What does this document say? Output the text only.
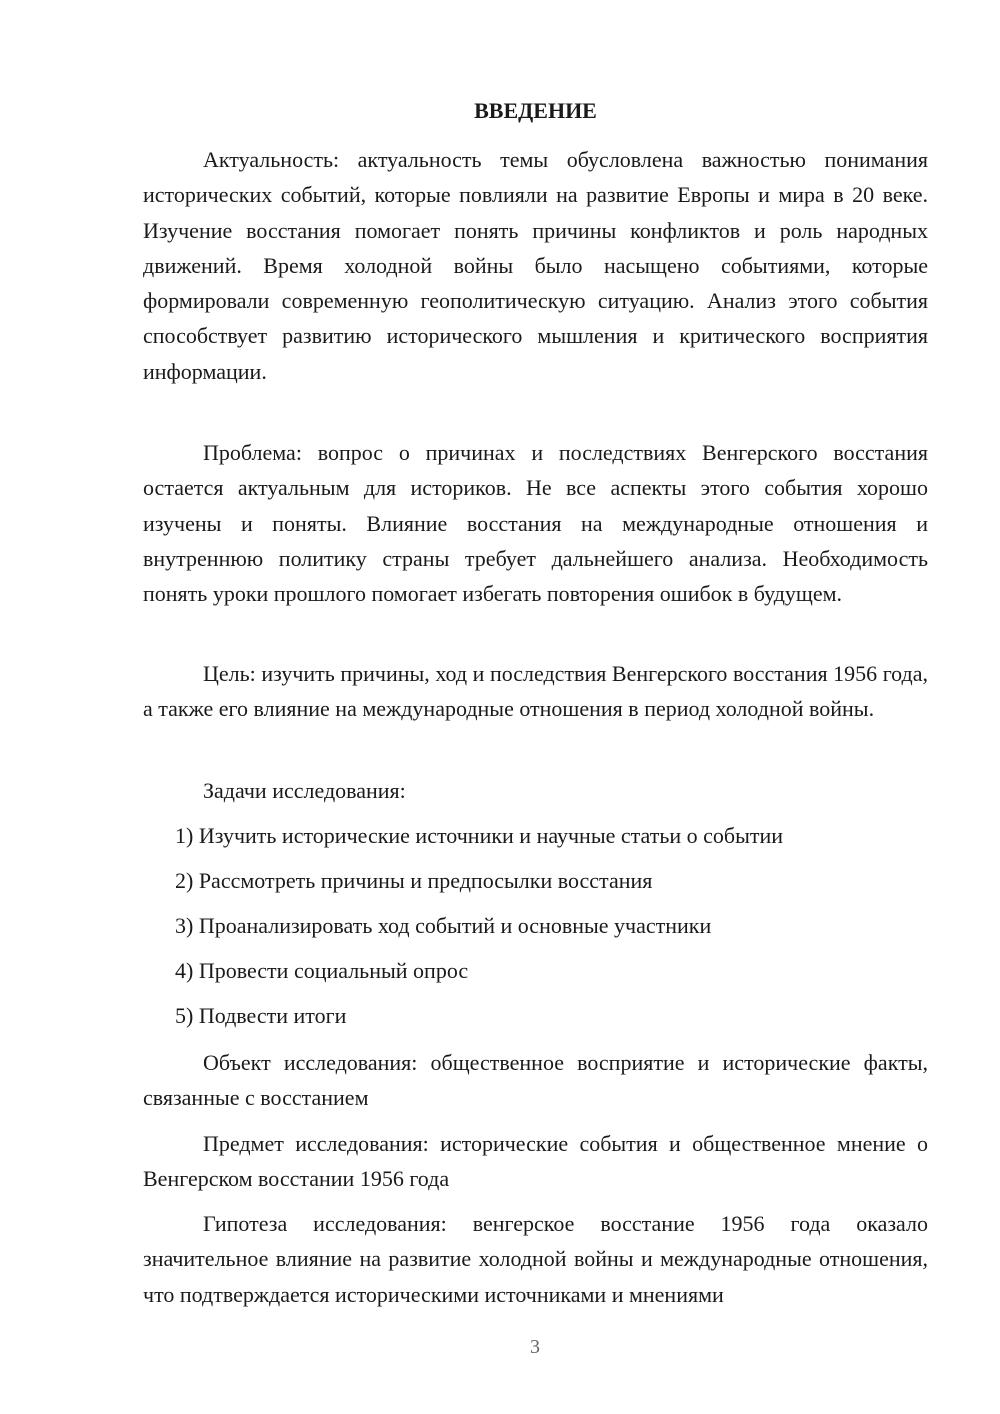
ВВЕДЕНИЕ

Актуальность: актуальность темы обусловлена важностью понимания исторических событий, которые повлияли на развитие Европы и мира в 20 веке. Изучение восстания помогает понять причины конфликтов и роль народных движений. Время холодной войны было насыщено событиями, которые формировали современную геополитическую ситуацию. Анализ этого события способствует развитию исторического мышления и критического восприятия информации.

Проблема: вопрос о причинах и последствиях Венгерского восстания остается актуальным для историков. Не все аспекты этого события хорошо изучены и поняты. Влияние восстания на международные отношения и внутреннюю политику страны требует дальнейшего анализа. Необходимость понять уроки прошлого помогает избегать повторения ошибок в будущем.

Цель: изучить причины, ход и последствия Венгерского восстания 1956 года, а также его влияние на международные отношения в период холодной войны.

Задачи исследования:

1) Изучить исторические источники и научные статьи о событии

2) Рассмотреть причины и предпосылки восстания

3) Проанализировать ход событий и основные участники

4) Провести социальный опрос

5) Подвести итоги

Объект исследования: общественное восприятие и исторические факты, связанные с восстанием

Предмет исследования: исторические события и общественное мнение о Венгерском восстании 1956 года

Гипотеза исследования: венгерское восстание 1956 года оказало значительное влияние на развитие холодной войны и международные отношения, что подтверждается историческими источниками и мнениями

3
